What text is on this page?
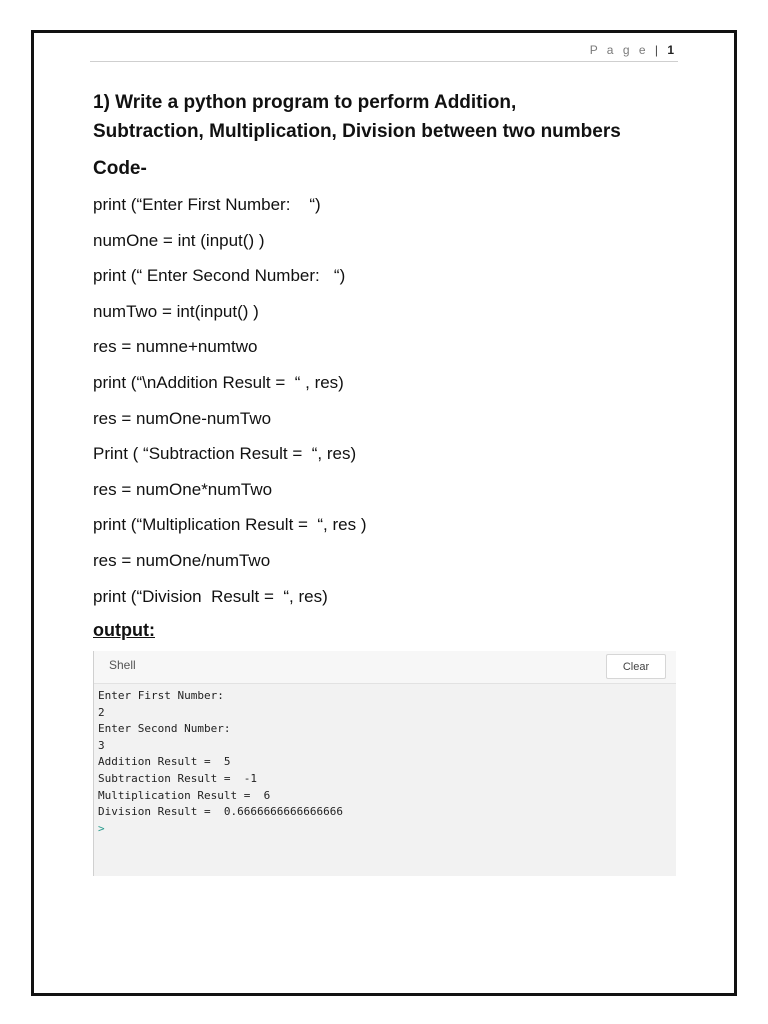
P a g e | 1
1) Write a python program to perform Addition,
Subtraction, Multiplication, Division between two numbers
Code-
print (“Enter First Number:    “)
numOne = int (input() )
print (“ Enter Second Number:   “)
numTwo = int(input() )
res = numne+numtwo
print (“\nAddition Result =  “ , res)
res = numOne-numTwo
Print ( “Subtraction Result =  “, res)
res = numOne*numTwo
print (“Multiplication Result =  “, res )
res = numOne/numTwo
print (“Division  Result =  “, res)
output:
Shell	Clear
Enter First Number:
2
Enter Second Number:
3
Addition Result =  5
Subtraction Result =  -1
Multiplication Result =  6
Division Result =  0.6666666666666666
>
